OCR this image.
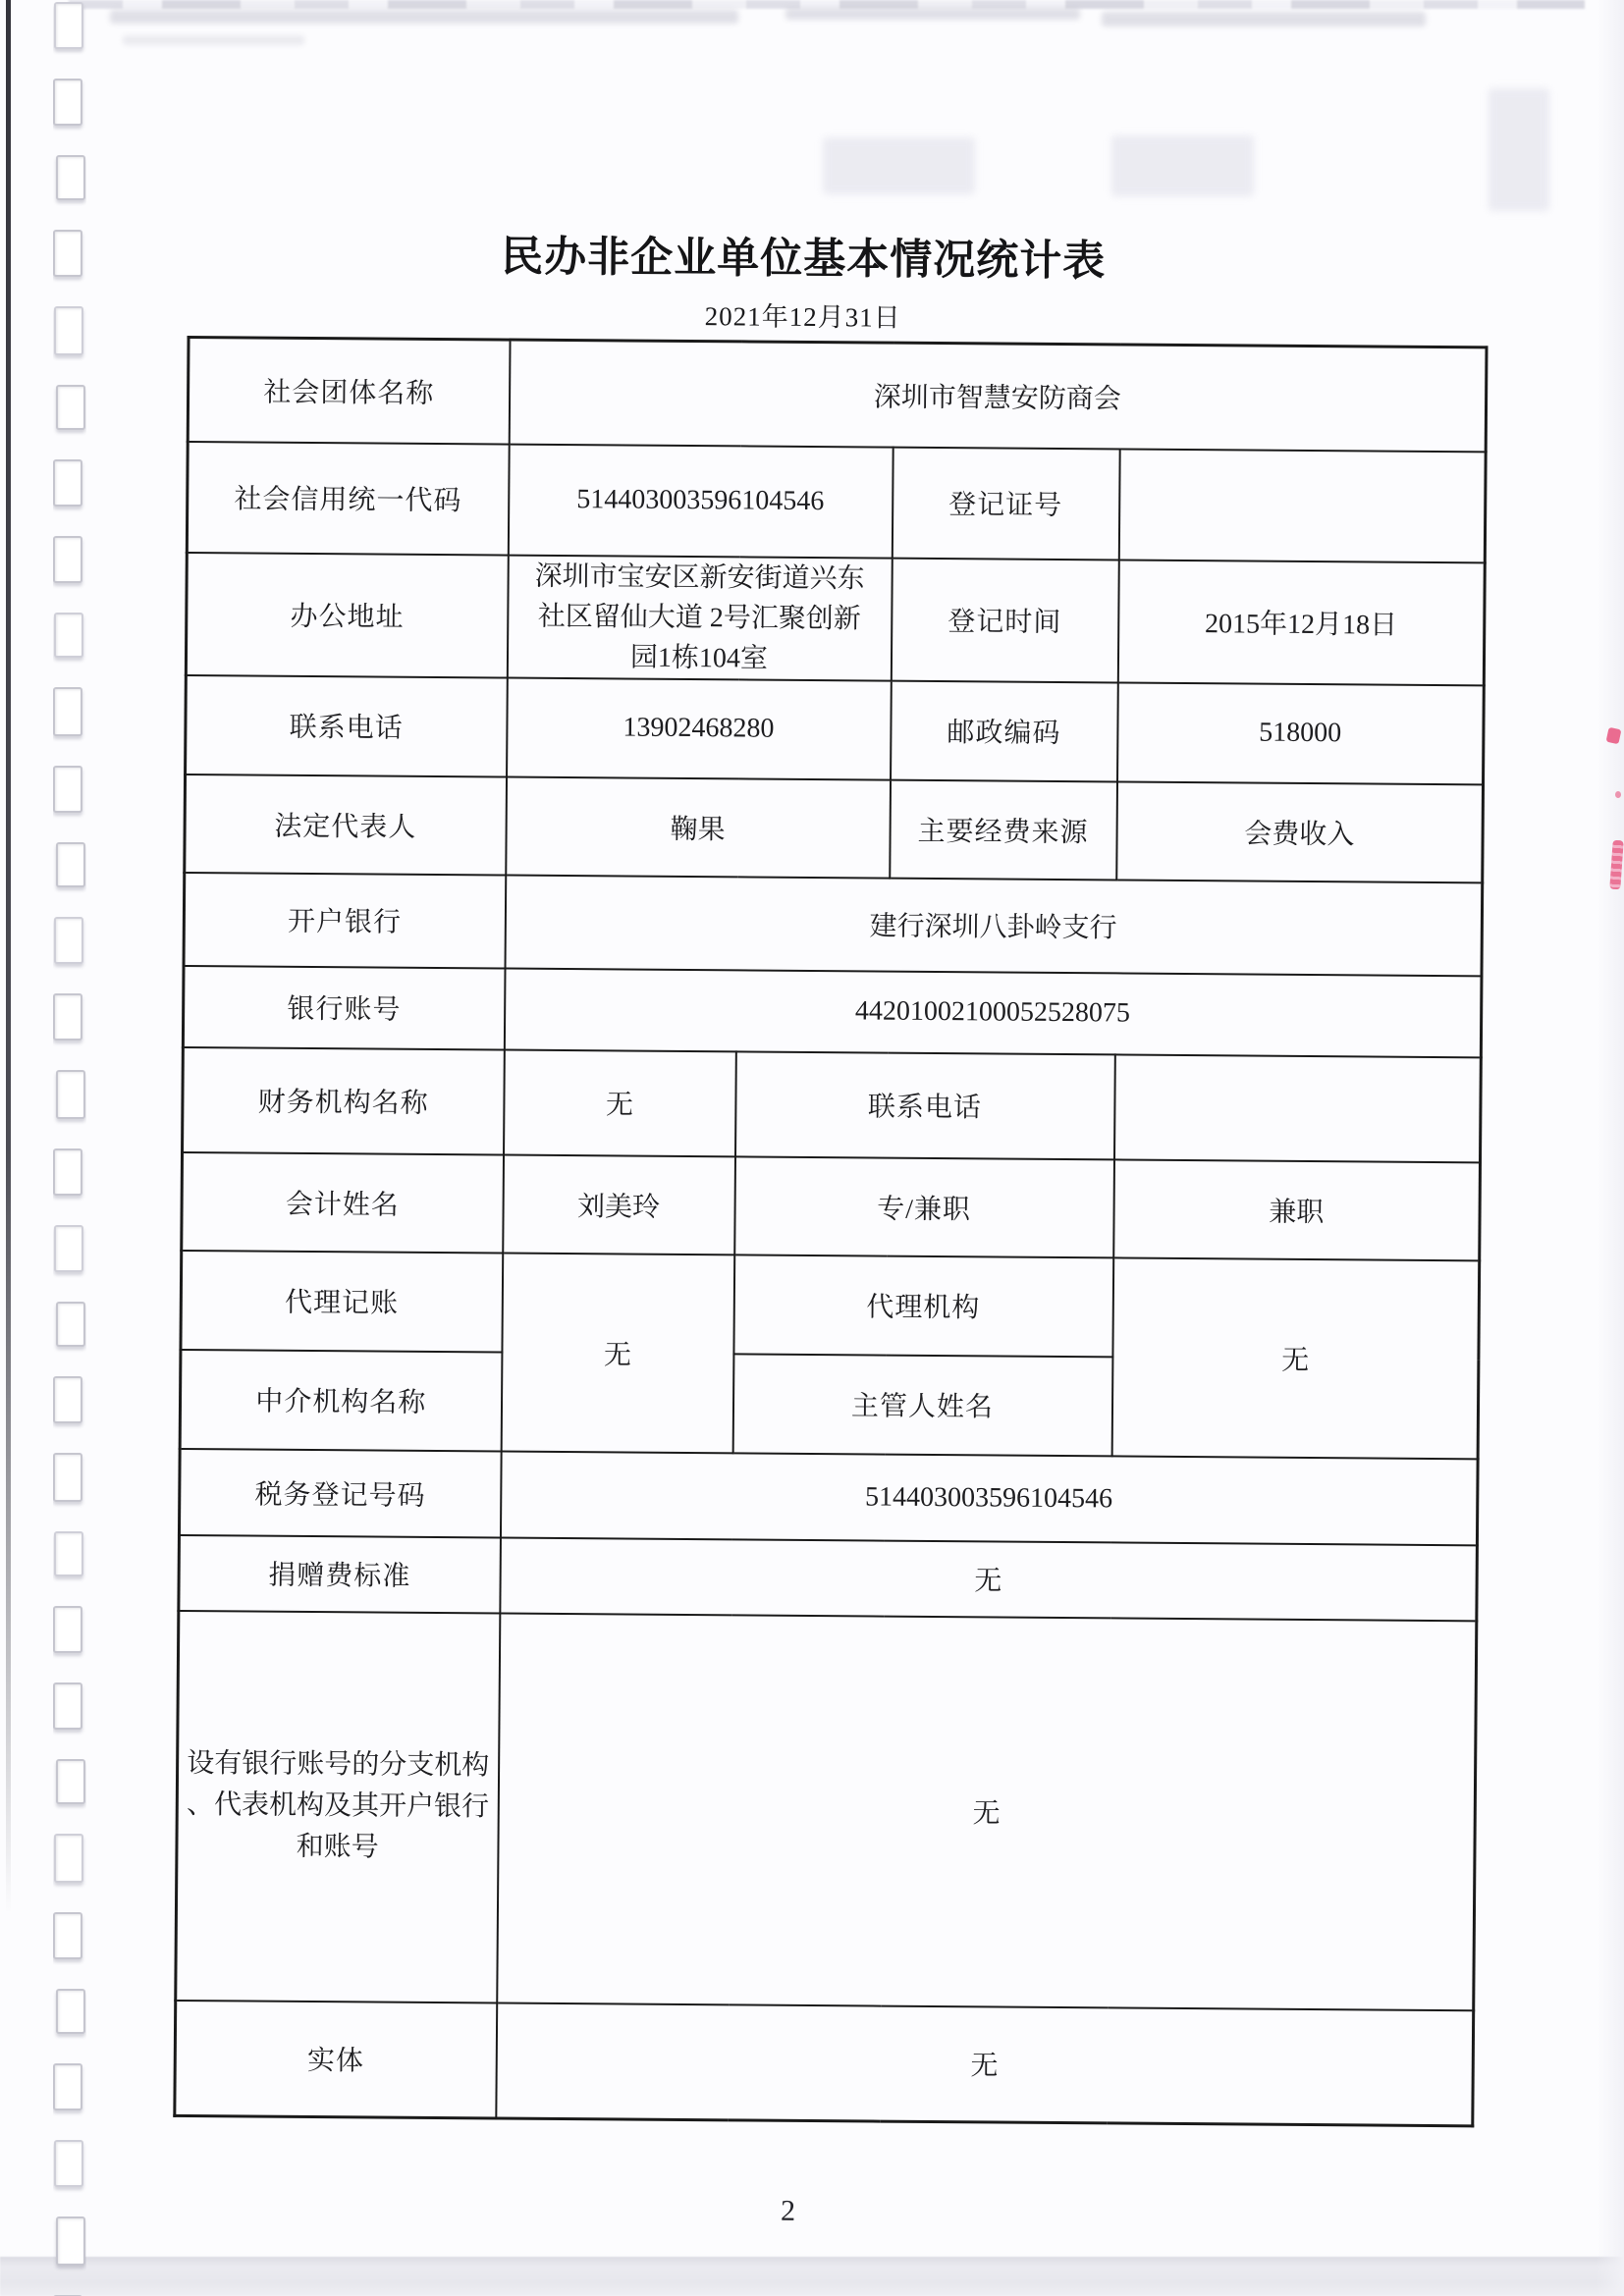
民办非企业单位基本情况统计表
2021年12月31日
社会团体名称	深圳市智慧安防商会			
社会信用统一代码	514403003596104546		登记证号	
办公地址	深圳市宝安区新安街道兴东社区留仙大道 2号汇聚创新园1栋104室		登记时间	2015年12月18日
联系电话	13902468280		邮政编码	518000
法定代表人	鞠果		主要经费来源	会费收入
开户银行	建行深圳八卦岭支行			
银行账号	44201002100052528075			
财务机构名称	无	联系电话		
会计姓名	刘美玲	专/兼职		兼职
代理记账	无	代理机构		无
中介机构名称		主管人姓名		
税务登记号码	514403003596104546			
捐赠费标准	无			
设有银行账号的分支机构、代表机构及其开户银行和账号	无			
实体	无			
2
